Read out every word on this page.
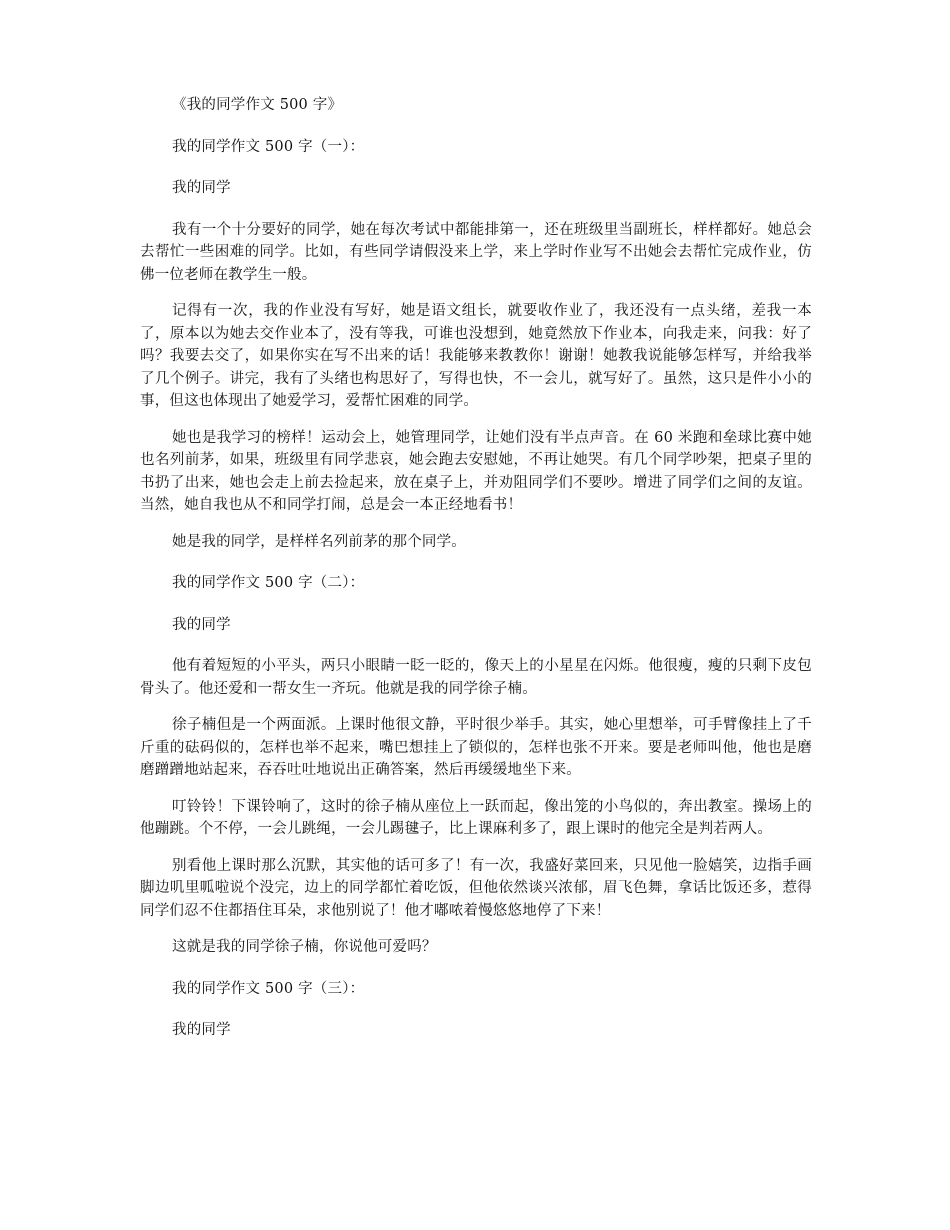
《我的同学作文 500 字》

我的同学作文 500 字（一）：

我的同学

我有一个十分要好的同学，她在每次考试中都能排第一，还在班级里当副班长，样样都好。她总会去帮忙一些困难的同学。比如，有些同学请假没来上学，来上学时作业写不出她会去帮忙完成作业，仿佛一位老师在教学生一般。

记得有一次，我的作业没有写好，她是语文组长，就要收作业了，我还没有一点头绪，差我一本了，原本以为她去交作业本了，没有等我，可谁也没想到，她竟然放下作业本，向我走来，问我：好了吗？我要去交了，如果你实在写不出来的话！我能够来教教你！谢谢！她教我说能够怎样写，并给我举了几个例子。讲完，我有了头绪也构思好了，写得也快，不一会儿，就写好了。虽然，这只是件小小的事，但这也体现出了她爱学习，爱帮忙困难的同学。

她也是我学习的榜样！运动会上，她管理同学，让她们没有半点声音。在 60 米跑和垒球比赛中她也名列前茅，如果，班级里有同学悲哀，她会跑去安慰她，不再让她哭。有几个同学吵架，把桌子里的书扔了出来，她也会走上前去捡起来，放在桌子上，并劝阻同学们不要吵。增进了同学们之间的友谊。当然，她自我也从不和同学打闹，总是会一本正经地看书！

她是我的同学，是样样名列前茅的那个同学。

我的同学作文 500 字（二）：

我的同学

他有着短短的小平头，两只小眼睛一眨一眨的，像天上的小星星在闪烁。他很瘦，瘦的只剩下皮包骨头了。他还爱和一帮女生一齐玩。他就是我的同学徐子楠。

徐子楠但是一个两面派。上课时他很文静，平时很少举手。其实，她心里想举，可手臂像挂上了千斤重的砝码似的，怎样也举不起来，嘴巴想挂上了锁似的，怎样也张不开来。要是老师叫他，他也是磨磨蹭蹭地站起来，吞吞吐吐地说出正确答案，然后再缓缓地坐下来。

叮铃铃！下课铃响了，这时的徐子楠从座位上一跃而起，像出笼的小鸟似的，奔出教室。操场上的他蹦跳。个不停，一会儿跳绳，一会儿踢毽子，比上课麻利多了，跟上课时的他完全是判若两人。

别看他上课时那么沉默，其实他的话可多了！有一次，我盛好菜回来，只见他一脸嬉笑，边指手画脚边叽里呱啦说个没完，边上的同学都忙着吃饭，但他依然谈兴浓郁，眉飞色舞，拿话比饭还多，惹得同学们忍不住都捂住耳朵，求他别说了！他才嘟哝着慢悠悠地停了下来！

这就是我的同学徐子楠，你说他可爱吗？

我的同学作文 500 字（三）：

我的同学
